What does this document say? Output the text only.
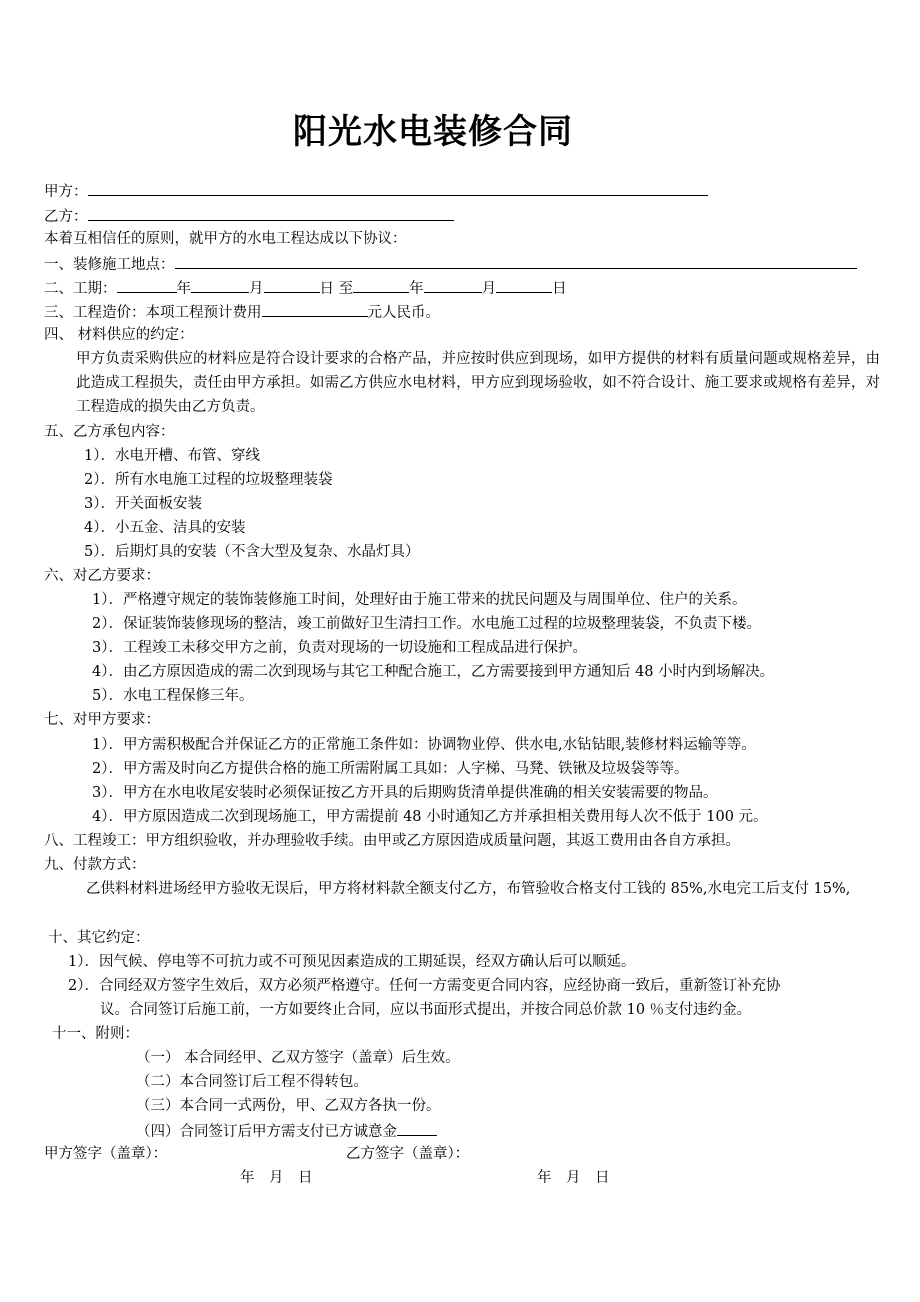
阳光水电装修合同
甲方：
乙方：
本着互相信任的原则，就甲方的水电工程达成以下协议：
一、装修施工地点：
二、工期：	年	月	日 至	年	月	日
三、工程造价：本项工程预计费用	元人民币。
四、 材料供应的约定：
甲方负责采购供应的材料应是符合设计要求的合格产品，并应按时供应到现场，如甲方提供的材料有质量问题或规格差异，由此造成工程损失，责任由甲方承担。如需乙方供应水电材料，甲方应到现场验收，如不符合设计、施工要求或规格有差异，对工程造成的损失由乙方负责。
五、乙方承包内容：
1）．水电开槽、布管、穿线
2）．所有水电施工过程的垃圾整理装袋
3）．开关面板安装
4）．小五金、洁具的安装
5）．后期灯具的安装（不含大型及复杂、水晶灯具）
六、对乙方要求：
1）．严格遵守规定的装饰装修施工时间，处理好由于施工带来的扰民问题及与周围单位、住户的关系。
2）．保证装饰装修现场的整洁，竣工前做好卫生清扫工作。水电施工过程的垃圾整理装袋，不负责下楼。
3）．工程竣工未移交甲方之前，负责对现场的一切设施和工程成品进行保护。
4）．由乙方原因造成的需二次到现场与其它工种配合施工，乙方需要接到甲方通知后 48 小时内到场解决。
5）．水电工程保修三年。
七、对甲方要求：
1）．甲方需积极配合并保证乙方的正常施工条件如：协调物业停、供水电,水钻钻眼,装修材料运输等等。
2）．甲方需及时向乙方提供合格的施工所需附属工具如：人字梯、马凳、铁锹及垃圾袋等等。
3）．甲方在水电收尾安装时必须保证按乙方开具的后期购货清单提供准确的相关安装需要的物品。
4）．甲方原因造成二次到现场施工，甲方需提前 48 小时通知乙方并承担相关费用每人次不低于 100 元。
八、工程竣工：甲方组织验收，并办理验收手续。由甲或乙方原因造成质量问题，其返工费用由各自方承担。
九、付款方式：
乙供料材料进场经甲方验收无误后，甲方将材料款全额支付乙方，布管验收合格支付工钱的 85%,水电完工后支付 15%,
十、其它约定：
1）．因气候、停电等不可抗力或不可预见因素造成的工期延误，经双方确认后可以顺延。
2）．合同经双方签字生效后，双方必须严格遵守。任何一方需变更合同内容，应经协商一致后，重新签订补充协
议。合同签订后施工前，一方如要终止合同，应以书面形式提出，并按合同总价款 10 ％支付违约金。
十一、附则：
（一） 本合同经甲、乙双方签字（盖章）后生效。
（二）本合同签订后工程不得转包。
（三）本合同一式两份，甲、乙双方各执一份。
（四）合同签订后甲方需支付已方诚意金
甲方签字（盖章）：	乙方签字（盖章）：
年　月　日	年　月　日
